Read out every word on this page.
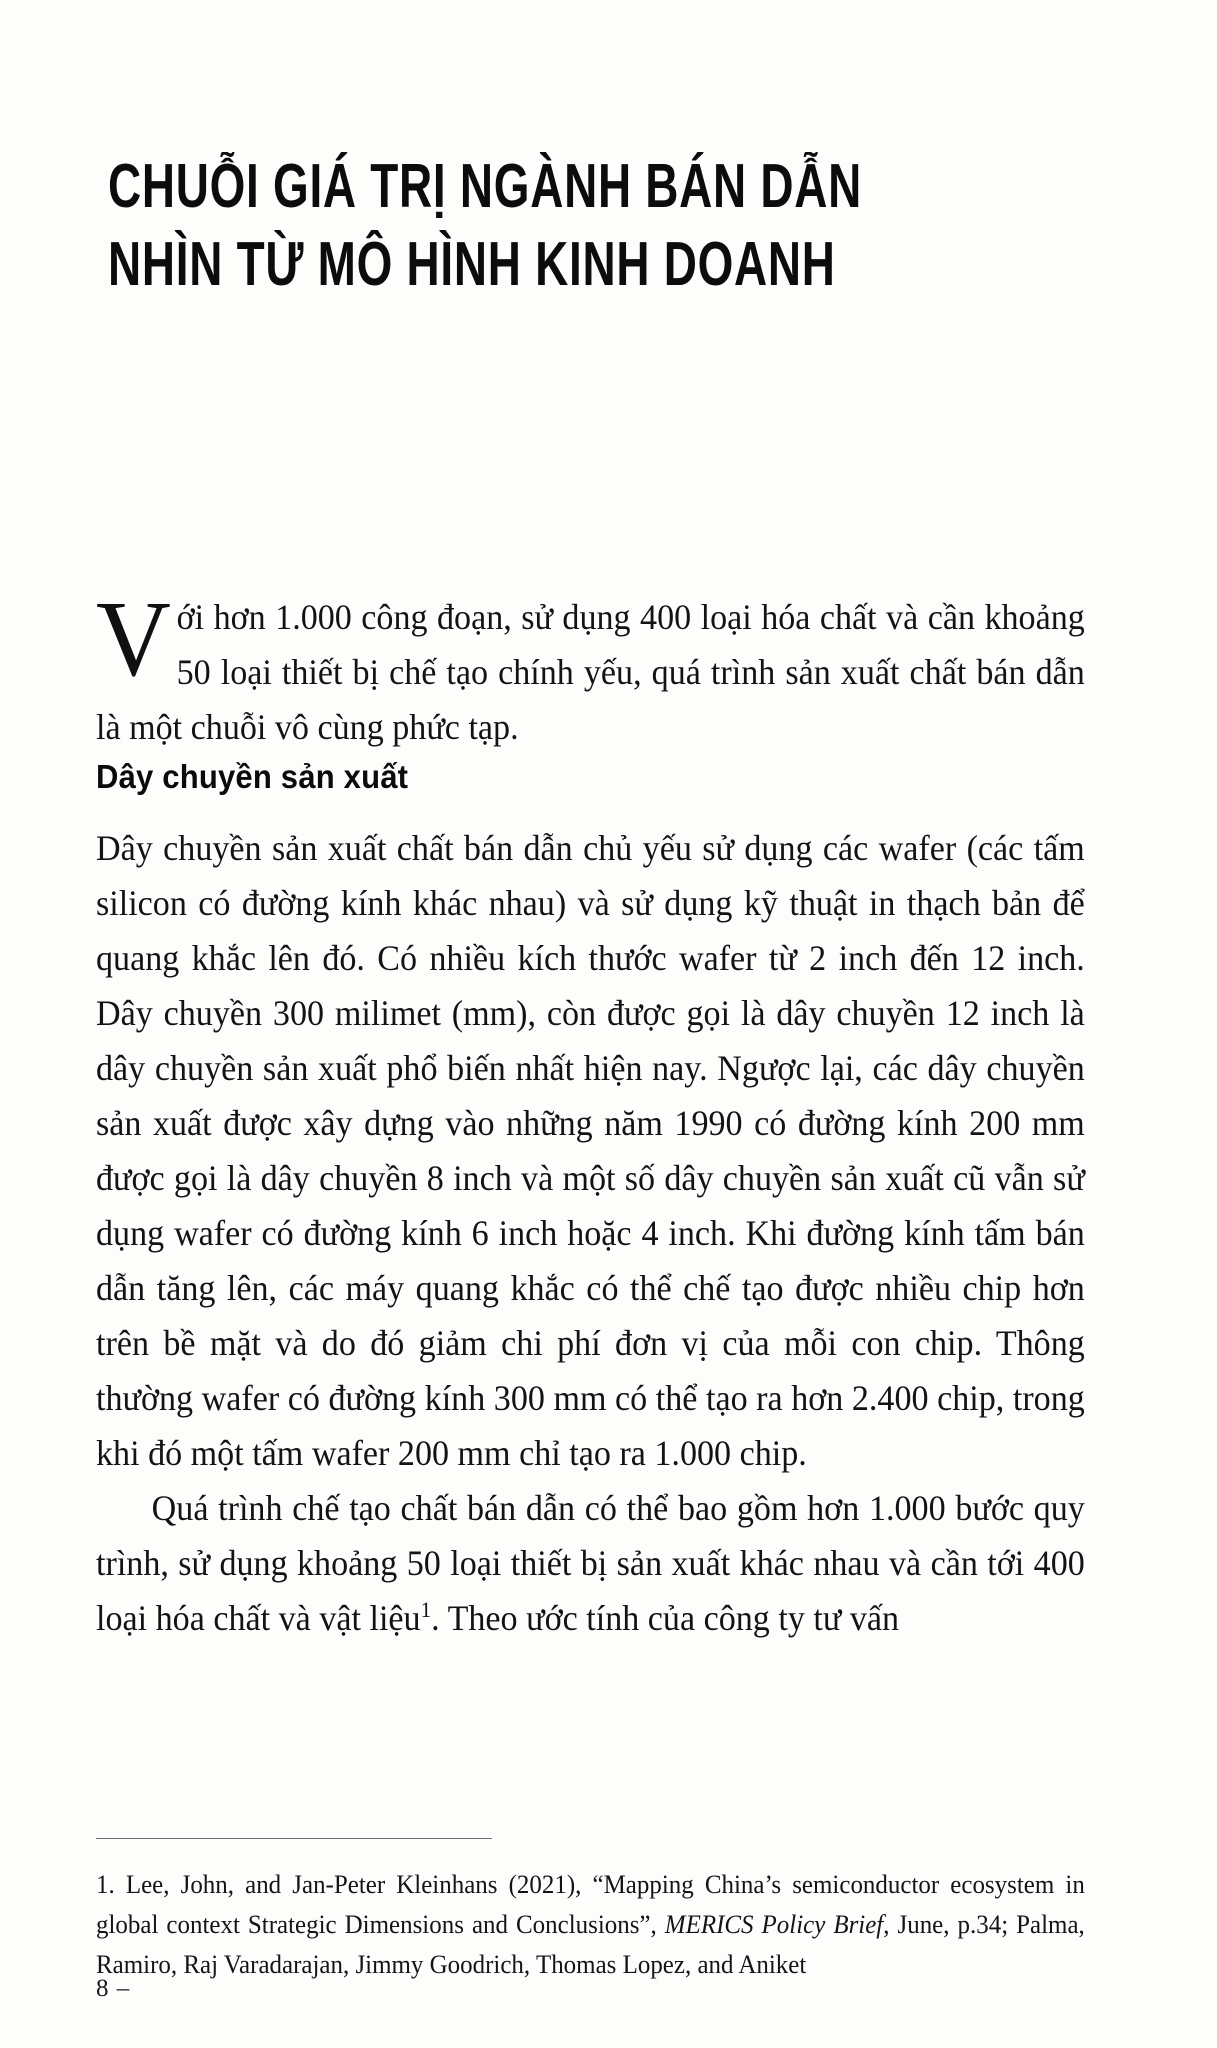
CHUỖI GIÁ TRỊ NGÀNH BÁN DẪN
NHÌN TỪ MÔ HÌNH KINH DOANH

Với hơn 1.000 công đoạn, sử dụng 400 loại hóa chất và cần khoảng 50 loại thiết bị chế tạo chính yếu, quá trình sản xuất chất bán dẫn là một chuỗi vô cùng phức tạp.

Dây chuyền sản xuất

Dây chuyền sản xuất chất bán dẫn chủ yếu sử dụng các wafer (các tấm silicon có đường kính khác nhau) và sử dụng kỹ thuật in thạch bản để quang khắc lên đó. Có nhiều kích thước wafer từ 2 inch đến 12 inch. Dây chuyền 300 milimet (mm), còn được gọi là dây chuyền 12 inch là dây chuyền sản xuất phổ biến nhất hiện nay. Ngược lại, các dây chuyền sản xuất được xây dựng vào những năm 1990 có đường kính 200 mm được gọi là dây chuyền 8 inch và một số dây chuyền sản xuất cũ vẫn sử dụng wafer có đường kính 6 inch hoặc 4 inch. Khi đường kính tấm bán dẫn tăng lên, các máy quang khắc có thể chế tạo được nhiều chip hơn trên bề mặt và do đó giảm chi phí đơn vị của mỗi con chip. Thông thường wafer có đường kính 300 mm có thể tạo ra hơn 2.400 chip, trong khi đó một tấm wafer 200 mm chỉ tạo ra 1.000 chip.

Quá trình chế tạo chất bán dẫn có thể bao gồm hơn 1.000 bước quy trình, sử dụng khoảng 50 loại thiết bị sản xuất khác nhau và cần tới 400 loại hóa chất và vật liệu$^1$. Theo ước tính của công ty tư vấn

1. Lee, John, and Jan-Peter Kleinhans (2021), “Mapping China’s semiconductor ecosystem in global context Strategic Dimensions and Conclusions”, MERICS Policy Brief, June, p.34; Palma, Ramiro, Raj Varadarajan, Jimmy Goodrich, Thomas Lopez, and Aniket
8 –
